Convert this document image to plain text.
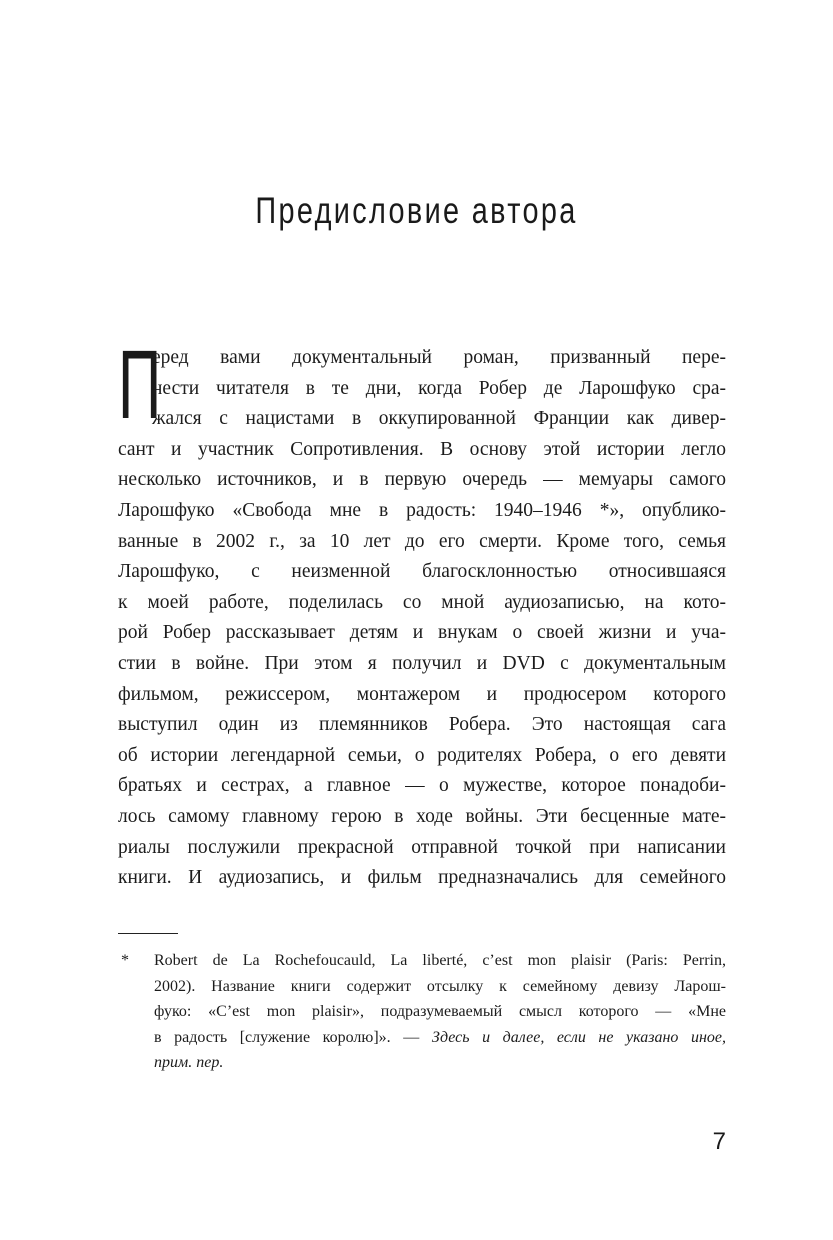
Предисловие автора
П
еред вами документальный роман, призванный пере-
нести читателя в те дни, когда Робер де Ларошфуко сра-
жался с нацистами в оккупированной Франции как дивер-
сант и участник Сопротивления. В основу этой истории легло
несколько источников, и в первую очередь — мемуары самого
Ларошфуко «Свобода мне в радость: 1940–1946 *», опублико-
ванные в 2002 г., за 10 лет до его смерти. Кроме того, семья
Ларошфуко, с неизменной благосклонностью относившаяся
к моей работе, поделилась со мной аудиозаписью, на кото-
рой Робер рассказывает детям и внукам о своей жизни и уча-
стии в войне. При этом я получил и DVD с документальным
фильмом, режиссером, монтажером и продюсером которого
выступил один из племянников Робера. Это настоящая сага
об истории легендарной семьи, о родителях Робера, о его девяти
братьях и сестрах, а главное — о мужестве, которое понадоби-
лось самому главному герою в ходе войны. Эти бесценные мате-
риалы послужили прекрасной отправной точкой при написании
книги. И аудиозапись, и фильм предназначались для семейного
* Robert de La Rochefoucauld, La liberté, c’est mon plaisir (Paris: Perrin,
2002). Название книги содержит отсылку к семейному девизу Ларош-
фуко: «C’est mon plaisir», подразумеваемый смысл которого — «Мне
в радость [служение королю]». — Здесь и далее, если не указано иное,
прим. пер.
7
